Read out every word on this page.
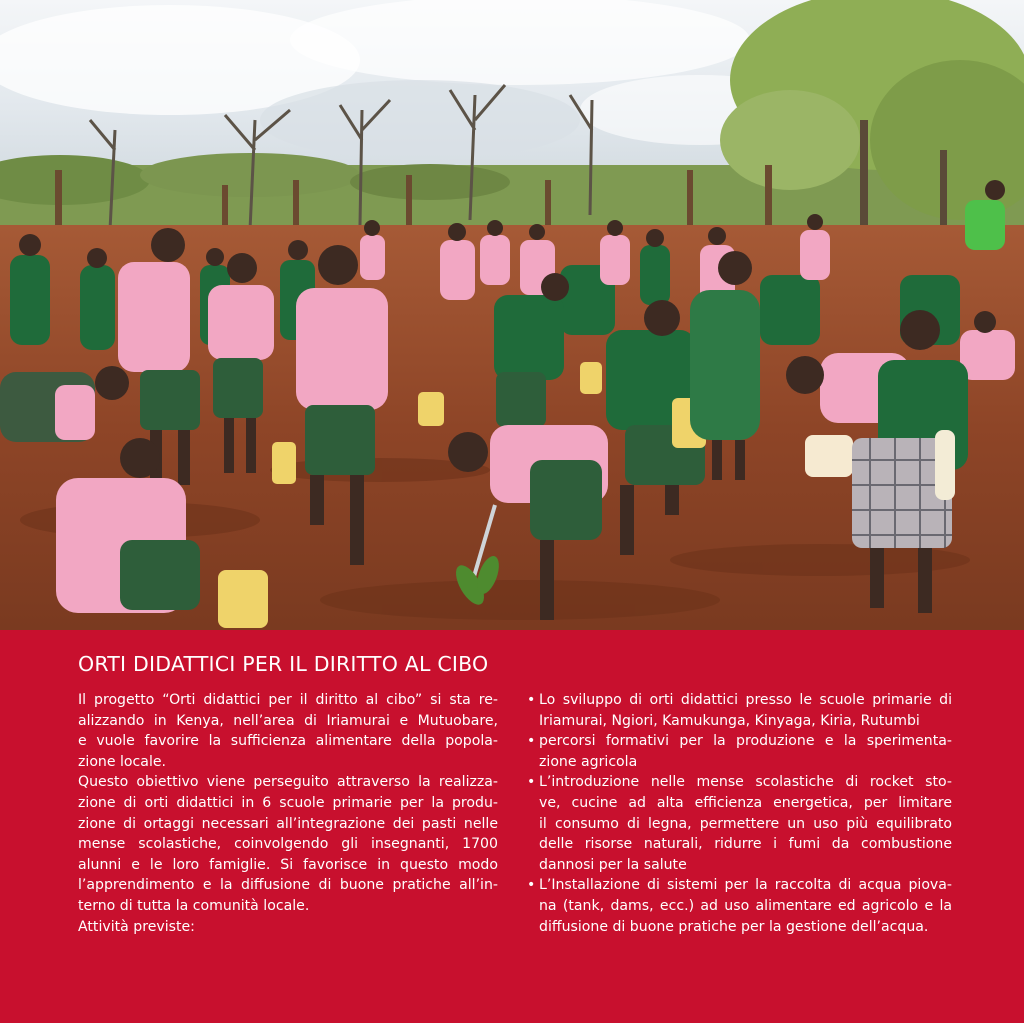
ORTI DIDATTICI PER IL DIRITTO AL CIBO
Il progetto “Orti didattici per il diritto al cibo” si sta re-
alizzando in Kenya, nell’area di Iriamurai e Mutuobare,
e vuole favorire la sufficienza alimentare della popola-
zione locale.
Questo obiettivo viene perseguito attraverso la realizza-
zione di orti didattici in 6 scuole primarie per la produ-
zione di ortaggi necessari all’integrazione dei pasti nelle
mense scolastiche, coinvolgendo gli insegnanti, 1700
alunni e le loro famiglie. Si favorisce in questo modo
l’apprendimento e la diffusione di buone pratiche all’in-
terno di tutta la comunità locale.
Attività previste:
• Lo sviluppo di orti didattici presso le scuole primarie di
Iriamurai, Ngiori, Kamukunga, Kinyaga, Kiria, Rutumbi
• percorsi formativi per la produzione e la sperimenta-
zione agricola
• L’introduzione nelle mense scolastiche di rocket sto-
ve, cucine ad alta efficienza energetica, per limitare
il consumo di legna, permettere un uso più equilibrato
delle risorse naturali, ridurre i fumi da combustione
dannosi per la salute
• L’Installazione di sistemi per la raccolta di acqua piova-
na (tank, dams, ecc.) ad uso alimentare ed agricolo e la
diffusione di buone pratiche per la gestione dell’acqua.
